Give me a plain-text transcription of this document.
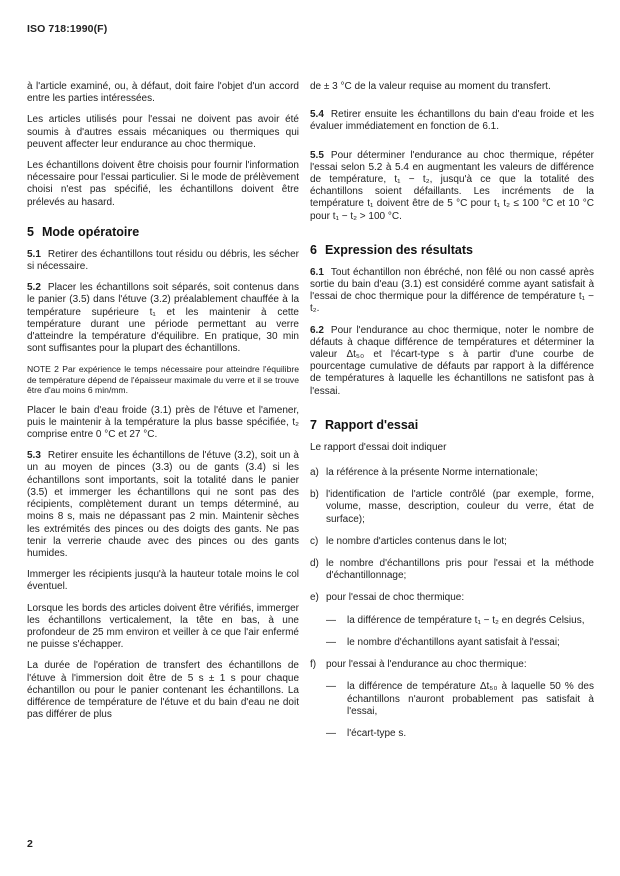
ISO 718:1990(F)

à l'article examiné, ou, à défaut, doit faire l'objet d'un accord entre les parties intéressées.

Les articles utilisés pour l'essai ne doivent pas avoir été soumis à d'autres essais mécaniques ou thermiques qui peuvent affecter leur endurance au choc thermique.

Les échantillons doivent être choisis pour fournir l'information nécessaire pour l'essai particulier. Si le mode de prélèvement choisi n'est pas spécifié, les échantillons doivent être prélevés au hasard.

5 Mode opératoire

5.1 Retirer des échantillons tout résidu ou débris, les sécher si nécessaire.

5.2 Placer les échantillons soit séparés, soit contenus dans le panier (3.5) dans l'étuve (3.2) préalablement chauffée à la température supérieure t₁ et les maintenir à cette température durant une période permettant au verre d'atteindre la température d'équilibre. En pratique, 30 min sont suffisantes pour la plupart des échantillons.

NOTE 2 Par expérience le temps nécessaire pour atteindre l'équilibre de température dépend de l'épaisseur maximale du verre et il se trouve être d'au moins 6 min/mm.

Placer le bain d'eau froide (3.1) près de l'étuve et l'amener, puis le maintenir à la température la plus basse spécifiée, t₂ comprise entre 0 °C et 27 °C.

5.3 Retirer ensuite les échantillons de l'étuve (3.2), soit un à un au moyen de pinces (3.3) ou de gants (3.4) si les échantillons sont importants, soit la totalité dans le panier (3.5) et immerger les échantillons qui ne sont pas des récipients, complètement durant un temps déterminé, au moins 8 s, mais ne dépassant pas 2 min. Maintenir sèches les extrémités des pinces ou des doigts des gants. Ne pas tenir la verrerie chaude avec des pinces ou des gants humides.

Immerger les récipients jusqu'à la hauteur totale moins le col éventuel.

Lorsque les bords des articles doivent être vérifiés, immerger les échantillons verticalement, la tête en bas, à une profondeur de 25 mm environ et veiller à ce que l'air enfermé ne puisse s'échapper.

La durée de l'opération de transfert des échantillons de l'étuve à l'immersion doit être de 5 s ± 1 s pour chaque échantillon ou pour le panier contenant les échantillons. La différence de température de l'étuve et du bain d'eau ne doit pas différer de plus

de ± 3 °C de la valeur requise au moment du transfert.

5.4 Retirer ensuite les échantillons du bain d'eau froide et les évaluer immédiatement en fonction de 6.1.

5.5 Pour déterminer l'endurance au choc thermique, répéter l'essai selon 5.2 à 5.4 en augmentant les valeurs de différence de température, t₁ − t₂, jusqu'à ce que la totalité des échantillons soient défaillants. Les incréments de la température t₁ doivent être de 5 °C pour t₁ t₂ ≤ 100 °C et 10 °C pour t₁ − t₂ > 100 °C.

6 Expression des résultats

6.1 Tout échantillon non ébréché, non fêlé ou non cassé après sortie du bain d'eau (3.1) est considéré comme ayant satisfait à l'essai de choc thermique pour la différence de température t₁ − t₂.

6.2 Pour l'endurance au choc thermique, noter le nombre de défauts à chaque différence de températures et déterminer la valeur Δt₅₀ et l'écart-type s à partir d'une courbe de pourcentage cumulative de défauts par rapport à la différence de températures à laquelle les échantillons ne satisfont pas à l'essai.

7 Rapport d'essai

Le rapport d'essai doit indiquer

a) la référence à la présente Norme internationale;
b) l'identification de l'article contrôlé (par exemple, forme, volume, masse, description, couleur du verre, état de surface);
c) le nombre d'articles contenus dans le lot;
d) le nombre d'échantillons pris pour l'essai et la méthode d'échantillonnage;
e) pour l'essai de choc thermique:
—	la différence de température t₁ − t₂ en degrés Celsius,
—	le nombre d'échantillons ayant satisfait à l'essai;
f) pour l'essai à l'endurance au choc thermique:
—	la différence de température Δt₅₀ à laquelle 50 % des échantillons n'auront probablement pas satisfait à l'essai,
—	l'écart-type s.
2
